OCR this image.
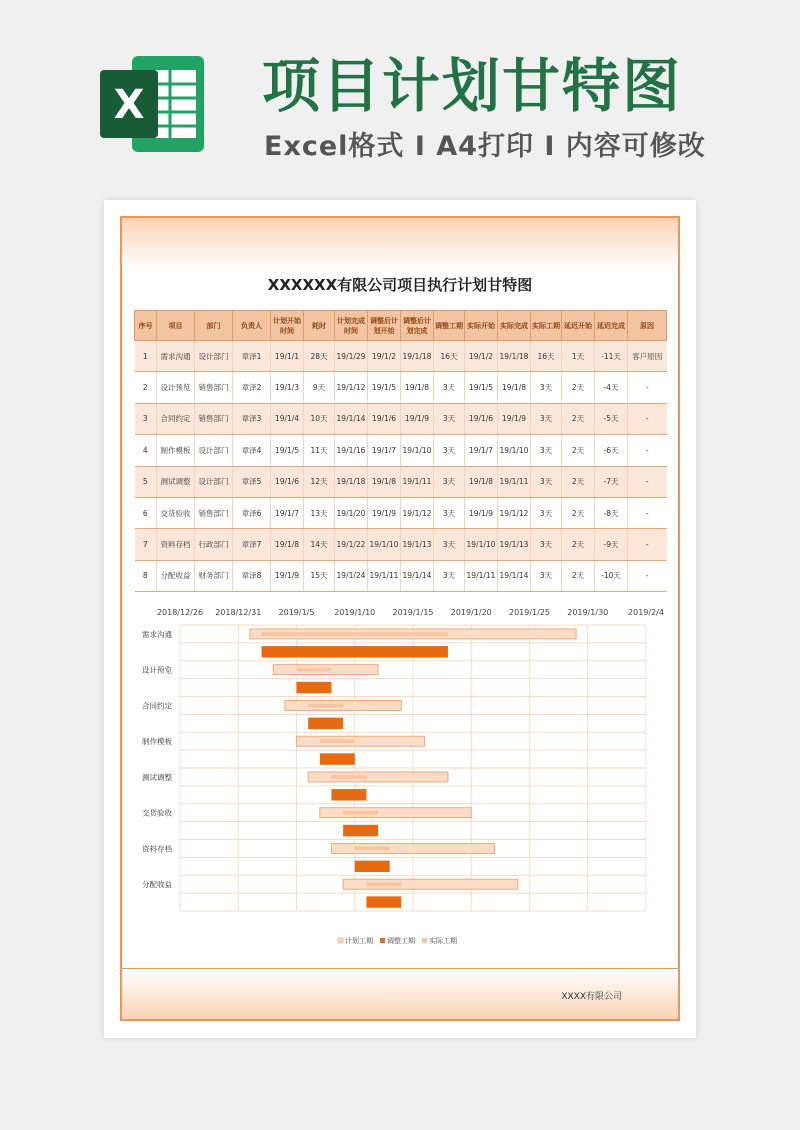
X 项目计划甘特图
Excel格式 I A4打印 I 内容可修改
XXXXXX有限公司项目执行计划甘特图
序号	项目	部门	负责人	计划开始时间	耗时	计划完成时间	调整后计划开始	调整后计划完成	调整工期	实际开始	实际完成	实际工期	延迟开始	延迟完成	原因
1	需求沟通	设计部门	章泽1	19/1/1	28天	19/1/29	19/1/2	19/1/18	16天	19/1/2	19/1/18	16天	1天	-11天	客户原因
2	设计预览	销售部门	章泽2	19/1/3	9天	19/1/12	19/1/5	19/1/8	3天	19/1/5	19/1/8	3天	2天	-4天	-
3	合同约定	销售部门	章泽3	19/1/4	10天	19/1/14	19/1/6	19/1/9	3天	19/1/6	19/1/9	3天	2天	-5天	-
4	制作模板	设计部门	章泽4	19/1/5	11天	19/1/16	19/1/7	19/1/10	3天	19/1/7	19/1/10	3天	2天	-6天	-
5	测试调整	设计部门	章泽5	19/1/6	12天	19/1/18	19/1/8	19/1/11	3天	19/1/8	19/1/11	3天	2天	-7天	-
6	交货验收	销售部门	章泽6	19/1/7	13天	19/1/20	19/1/9	19/1/12	3天	19/1/9	19/1/12	3天	2天	-8天	-
7	资料存档	行政部门	章泽7	19/1/8	14天	19/1/22	19/1/10	19/1/13	3天	19/1/10	19/1/13	3天	2天	-9天	-
8	分配收益	财务部门	章泽8	19/1/9	15天	19/1/24	19/1/11	19/1/14	3天	19/1/11	19/1/14	3天	2天	-10天	-
2018/12/26 2018/12/31 2019/1/5 2019/1/10 2019/1/15 2019/1/20 2019/1/25 2019/1/30 2019/2/4
需求沟通
设计预览
合同约定
制作模板
测试调整
交货验收
资料存档
分配收益
计划工期 调整工期 实际工期
XXXX有限公司
